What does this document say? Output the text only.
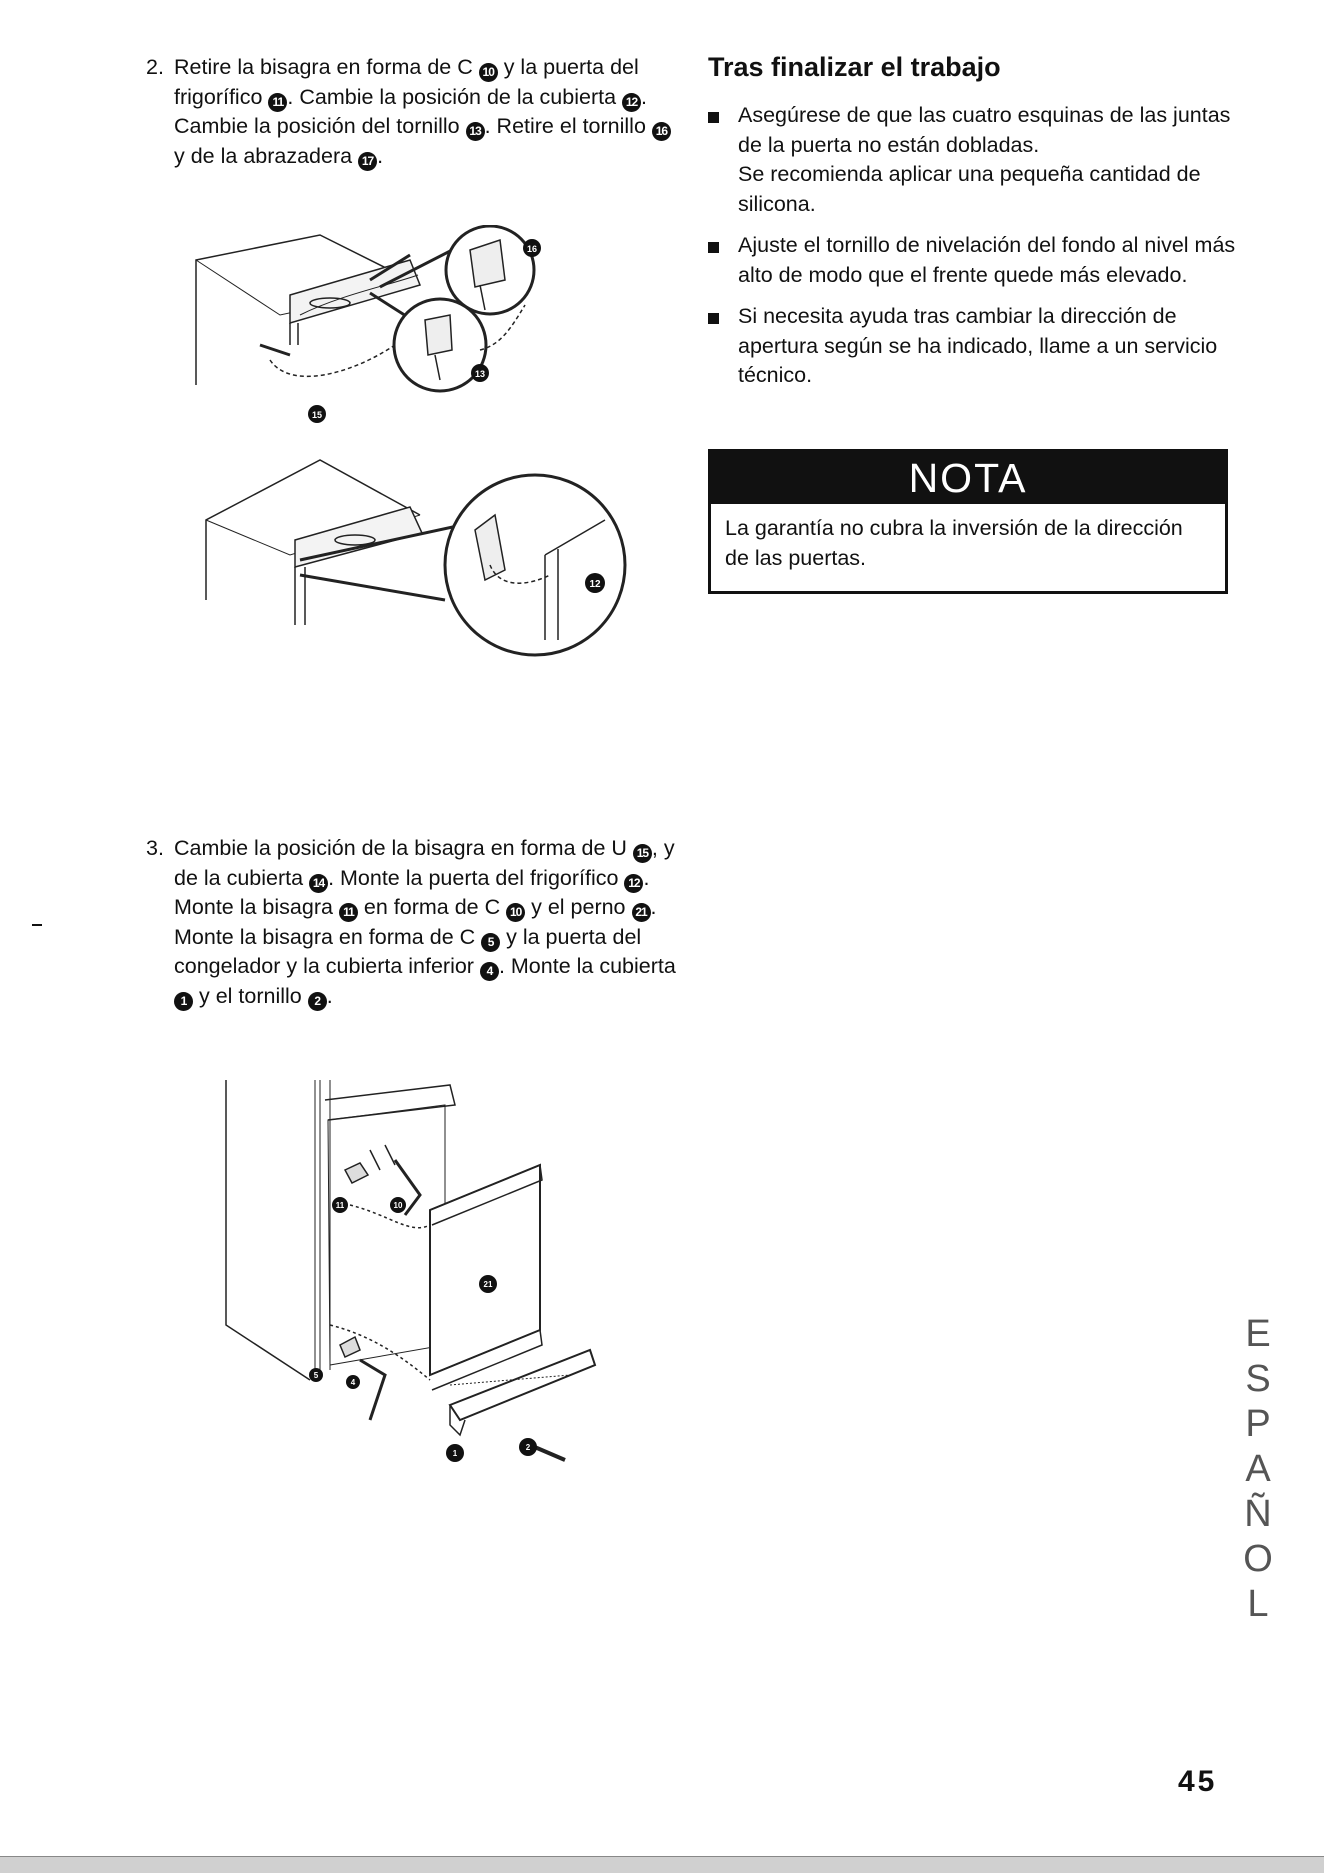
2. Retire la bisagra en forma de C 10 y la puerta del frigorífico 11 . Cambie la posición de la cubierta 12 . Cambie la posición del tornillo 13 . Retire el tornillo 16 y de la abrazadera 17 .
16
13
15
12
3. Cambie la posición de la bisagra en forma de U 15 , y de la cubierta 14 . Monte la puerta del frigorífico 12 . Monte la bisagra 11 en forma de C 10 y el perno 21 . Monte la bisagra en forma de C 5 y la puerta del congelador y la cubierta inferior 4 . Monte la cubierta 1 y el tornillo 2 .
11	10
21
5
4
1
2
Tras finalizar el trabajo
Asegúrese de que las cuatro esquinas de las juntas de la puerta no están dobladas.
Se recomienda aplicar una pequeña cantidad de silicona.
Ajuste el tornillo de nivelación del fondo al nivel más alto de modo que el frente quede más elevado.
Si necesita ayuda tras cambiar la dirección de apertura según se ha indicado, llame a un servicio técnico.
NOTA
La garantía no cubra la inversión de la dirección de las puertas.
E
S
P
A
Ñ
O
L
45
